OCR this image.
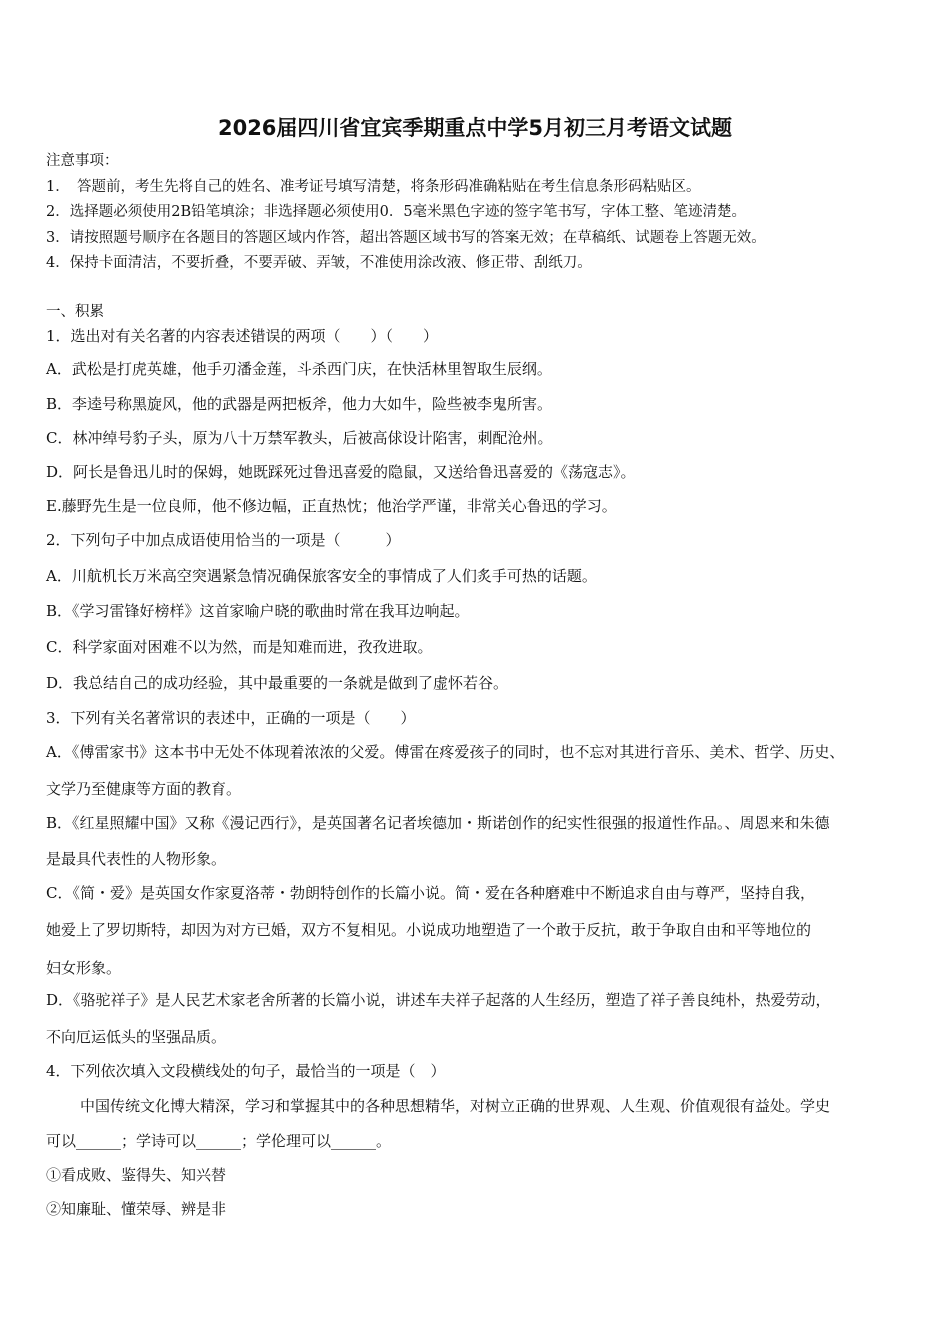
2026届四川省宜宾季期重点中学5月初三月考语文试题
注意事项：
1．　答题前，考生先将自己的姓名、准考证号填写清楚，将条形码准确粘贴在考生信息条形码粘贴区。
2．选择题必须使用2B铅笔填涂；非选择题必须使用0．5毫米黑色字迹的签字笔书写，字体工整、笔迹清楚。
3．请按照题号顺序在各题目的答题区域内作答，超出答题区域书写的答案无效；在草稿纸、试题卷上答题无效。
4．保持卡面清洁，不要折叠，不要弄破、弄皱，不准使用涂改液、修正带、刮纸刀。
一、积累
1．选出对有关名著的内容表述错误的两项（　　）（　　）
A．武松是打虎英雄，他手刃潘金莲，斗杀西门庆，在快活林里智取生辰纲。
B．李逵号称黑旋风，他的武器是两把板斧，他力大如牛，险些被李鬼所害。
C．林冲绰号豹子头，原为八十万禁军教头，后被高俅设计陷害，刺配沧州。
D．阿长是鲁迅儿时的保姆，她既踩死过鲁迅喜爱的隐鼠，又送给鲁迅喜爱的《荡寇志》。
E.藤野先生是一位良师，他不修边幅，正直热忱；他治学严谨，非常关心鲁迅的学习。
2．下列句子中加点成语使用恰当的一项是（　　　）
A．川航机长万米高空突遇紧急情况确保旅客安全的事情成了人们炙手可热的话题。
B．《学习雷锋好榜样》这首家喻户晓的歌曲时常在我耳边响起。
C．科学家面对困难不以为然，而是知难而进，孜孜进取。
D．我总结自己的成功经验，其中最重要的一条就是做到了虚怀若谷。
3．下列有关名著常识的表述中，正确的一项是（　　）
A．《傅雷家书》这本书中无处不体现着浓浓的父爱。傅雷在疼爱孩子的同时，也不忘对其进行音乐、美术、哲学、历史、
文学乃至健康等方面的教育。
B．《红星照耀中国》又称《漫记西行》，是英国著名记者埃德加・斯诺创作的纪实性很强的报道性作品。、周恩来和朱德
是最具代表性的人物形象。
C．《简・爱》是英国女作家夏洛蒂・勃朗特创作的长篇小说。简・爱在各种磨难中不断追求自由与尊严，坚持自我，
她爱上了罗切斯特，却因为对方已婚，双方不复相见。小说成功地塑造了一个敢于反抗，敢于争取自由和平等地位的
妇女形象。
D．《骆驼祥子》是人民艺术家老舍所著的长篇小说，讲述车夫祥子起落的人生经历，塑造了祥子善良纯朴，热爱劳动，
不向厄运低头的坚强品质。
4．下列依次填入文段横线处的句子，最恰当的一项是（　）
中国传统文化博大精深，学习和掌握其中的各种思想精华，对树立正确的世界观、人生观、价值观很有益处。学史
可以______；学诗可以______；学伦理可以______。
①看成败、鉴得失、知兴替
②知廉耻、懂荣辱、辨是非
